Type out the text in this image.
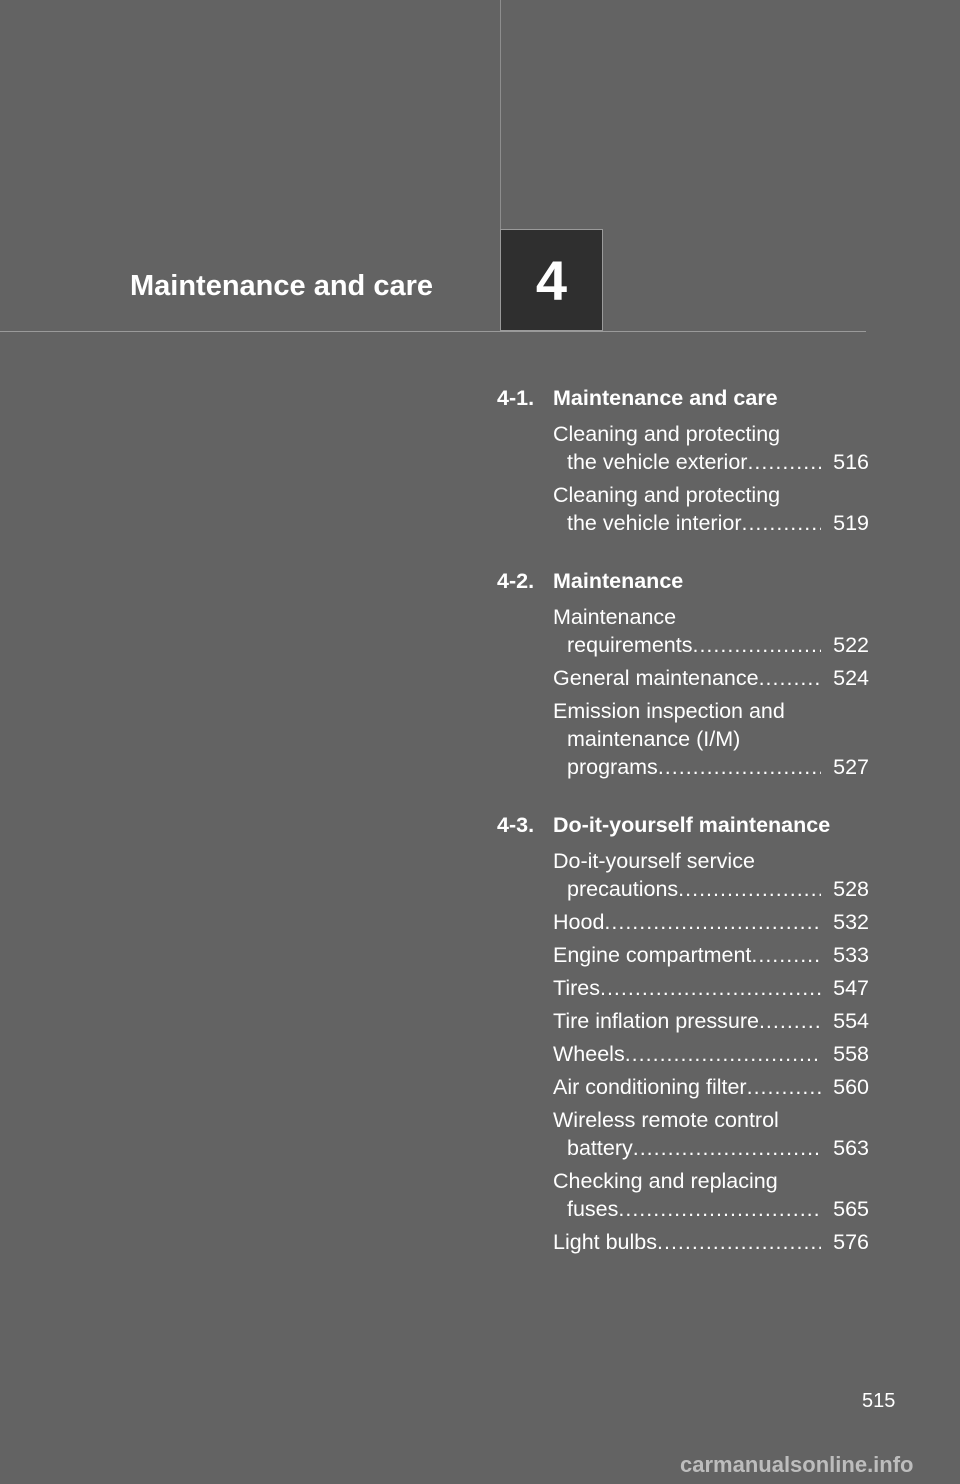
Maintenance and care 4
4-1. Maintenance and care
Cleaning and protecting
the vehicle exterior .....	516
Cleaning and protecting
the vehicle interior .....	519
4-2. Maintenance
Maintenance
requirements .....	522
General maintenance .....	524
Emission inspection and
maintenance (I/M)
programs .....	527
4-3. Do-it-yourself maintenance
Do-it-yourself service
precautions .....	528
Hood .....	532
Engine compartment .....	533
Tires .....	547
Tire inflation pressure .....	554
Wheels .....	558
Air conditioning filter .....	560
Wireless remote control
battery .....	563
Checking and replacing
fuses .....	565
Light bulbs .....	576
515
carmanualsonline.info
